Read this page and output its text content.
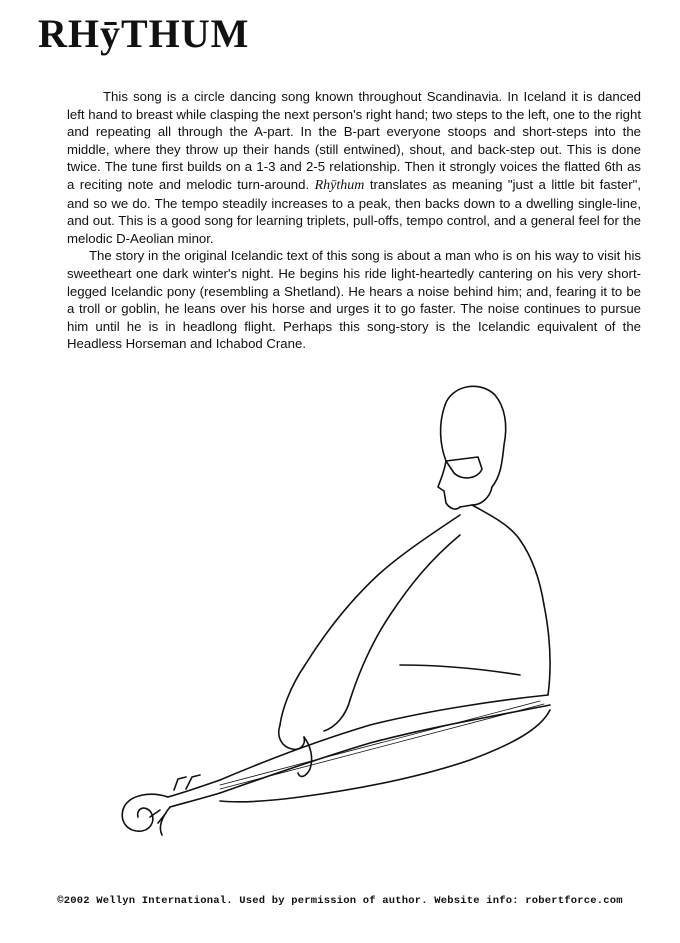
RHȳTHUM

This song is a circle dancing song known throughout Scandinavia. In Iceland it is danced left hand to breast while clasping the next person's right hand; two steps to the left, one to the right and repeating all through the A-part. In the B-part everyone stoops and short-steps into the middle, where they throw up their hands (still entwined), shout, and back-step out. This is done twice. The tune first builds on a 1-3 and 2-5 relationship. Then it strongly voices the flatted 6th as a reciting note and melodic turn-around. Rhȳthum translates as meaning "just a little bit faster", and so we do. The tempo steadily increases to a peak, then backs down to a dwelling single-line, and out. This is a good song for learning triplets, pull-offs, tempo control, and a general feel for the melodic D-Aeolian minor.

The story in the original Icelandic text of this song is about a man who is on his way to visit his sweetheart one dark winter's night. He begins his ride light-heartedly cantering on his very short-legged Icelandic pony (resembling a Shetland). He hears a noise behind him; and, fearing it to be a troll or goblin, he leans over his horse and urges it to go faster. The noise continues to pursue him until he is in headlong flight. Perhaps this song-story is the Icelandic equivalent of the Headless Horseman and Ichabod Crane.

©2002 Wellyn International. Used by permission of author. Website info: robertforce.com
